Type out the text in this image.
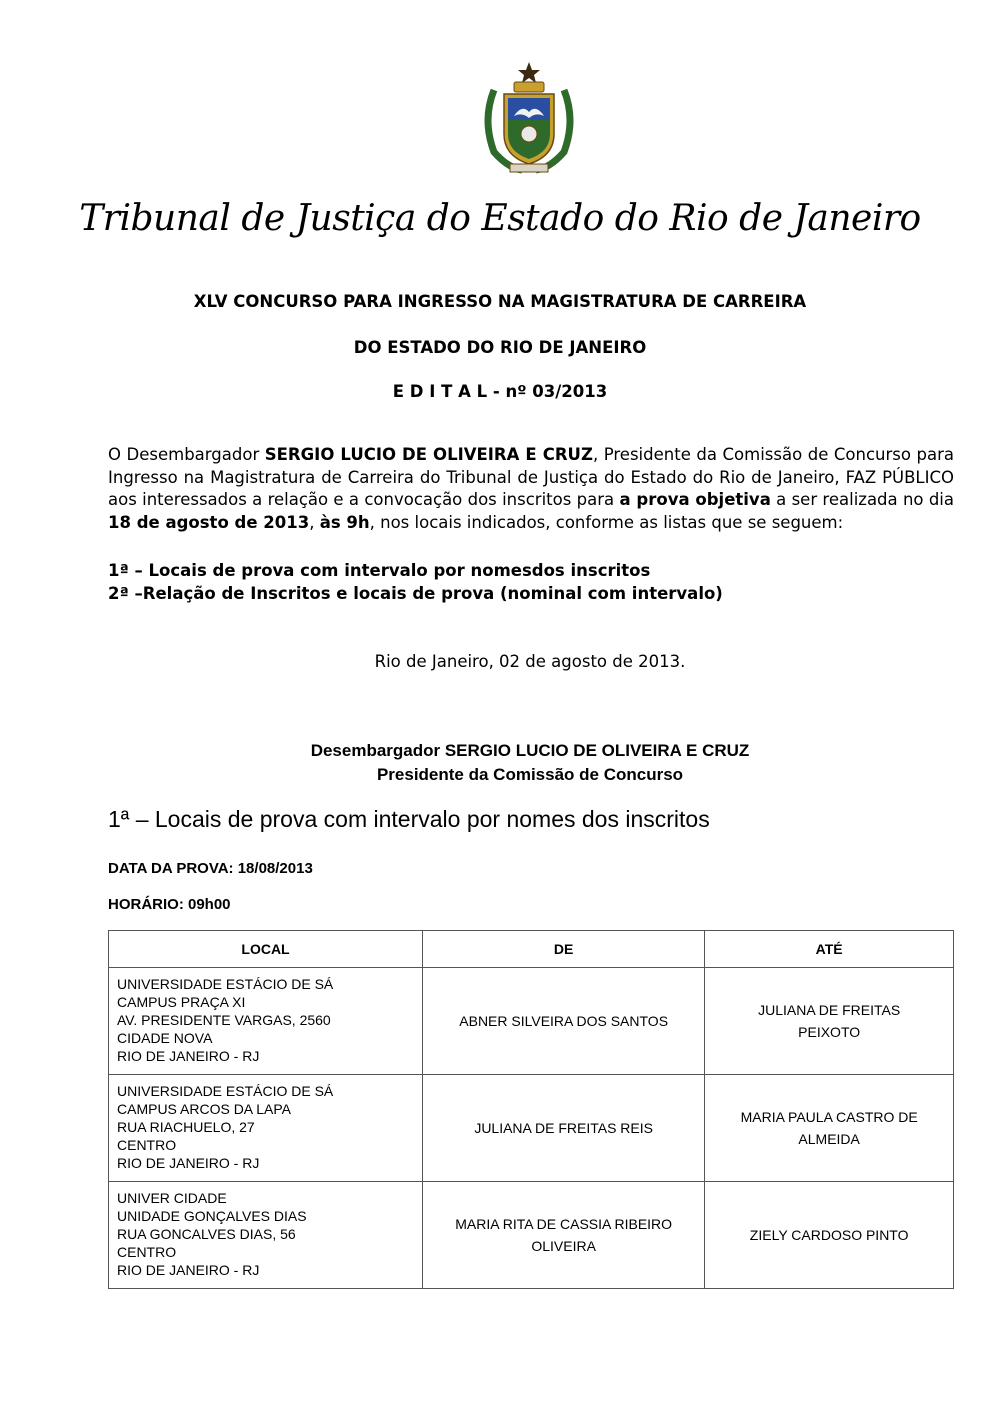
Tribunal de Justiça do Estado do Rio de Janeiro
XLV CONCURSO PARA INGRESSO NA MAGISTRATURA DE CARREIRA
DO ESTADO DO RIO DE JANEIRO
E D I T A L - nº 03/2013
O Desembargador SERGIO LUCIO DE OLIVEIRA E CRUZ, Presidente da Comissão de Concurso para Ingresso na Magistratura de Carreira do Tribunal de Justiça do Estado do Rio de Janeiro, FAZ PÚBLICO aos interessados a relação e a convocação dos inscritos para a prova objetiva a ser realizada no dia 18 de agosto de 2013, às 9h, nos locais indicados, conforme as listas que se seguem:
1ª – Locais de prova com intervalo por nomesdos inscritos
2ª –Relação de Inscritos e locais de prova (nominal com intervalo)
Rio de Janeiro, 02 de agosto de 2013.
Desembargador SERGIO LUCIO DE OLIVEIRA E CRUZ
Presidente da Comissão de Concurso
1ª – Locais de prova com intervalo por nomes dos inscritos
DATA DA PROVA: 18/08/2013
HORÁRIO: 09h00
LOCAL	DE	ATÉ

UNIVERSIDADE ESTÁCIO DE SÁ
CAMPUS PRAÇA XI
AV. PRESIDENTE VARGAS, 2560
CIDADE NOVA
RIO DE JANEIRO - RJ	ABNER SILVEIRA DOS SANTOS	JULIANA DE FREITAS PEIXOTO

UNIVERSIDADE ESTÁCIO DE SÁ
CAMPUS ARCOS DA LAPA
RUA RIACHUELO, 27
CENTRO
RIO DE JANEIRO - RJ	JULIANA DE FREITAS REIS	MARIA PAULA CASTRO DE ALMEIDA

UNIVER CIDADE
UNIDADE GONÇALVES DIAS
RUA GONCALVES DIAS, 56
CENTRO
RIO DE JANEIRO - RJ	MARIA RITA DE CASSIA RIBEIRO OLIVEIRA	ZIELY CARDOSO PINTO
